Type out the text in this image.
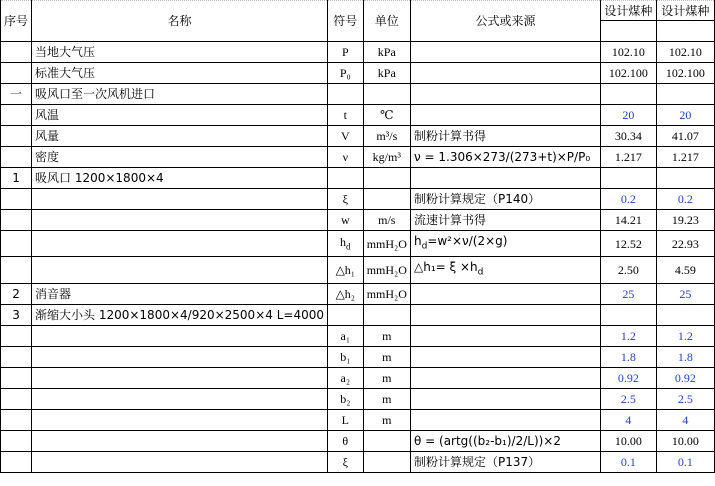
序号	名称	符号	单位	公式或来源	设计煤种	设计煤种

	当地大气压	P	kPa		102.10	102.10
	标准大气压	P₀	kPa		102.100	102.100
一	吸风口至一次风机进口					
	风温	t	℃		20	20
	风量	V	m³/s	制粉计算书得	30.34	41.07
	密度	ν	kg/m³	ν = 1.306×273/(273+t)×P/P₀	1.217	1.217
1	吸风口 1200×1800×4					
		ξ		制粉计算规定（P140）	0.2	0.2
		w	m/s	流速计算书得	14.21	19.23
		$h_d$	mmH₂O	$h_d=w^2\times\nu/(2\times g)$	12.52	22.93
		△h₁	mmH₂O	△h₁= $\xi \times h_d$	2.50	4.59
2	消音器	△h₂	mmH₂O		25	25
3	渐缩大小头 1200×1800×4/920×2500×4 L=4000					
		a₁	m		1.2	1.2
		b₁	m		1.8	1.8
		a₂	m		0.92	0.92
		b₂	m		2.5	2.5
		L	m		4	4
		θ		θ = (artg((b₂-b₁)/2/L))×2	10.00	10.00
		ξ		制粉计算规定（P137）	0.1	0.1
